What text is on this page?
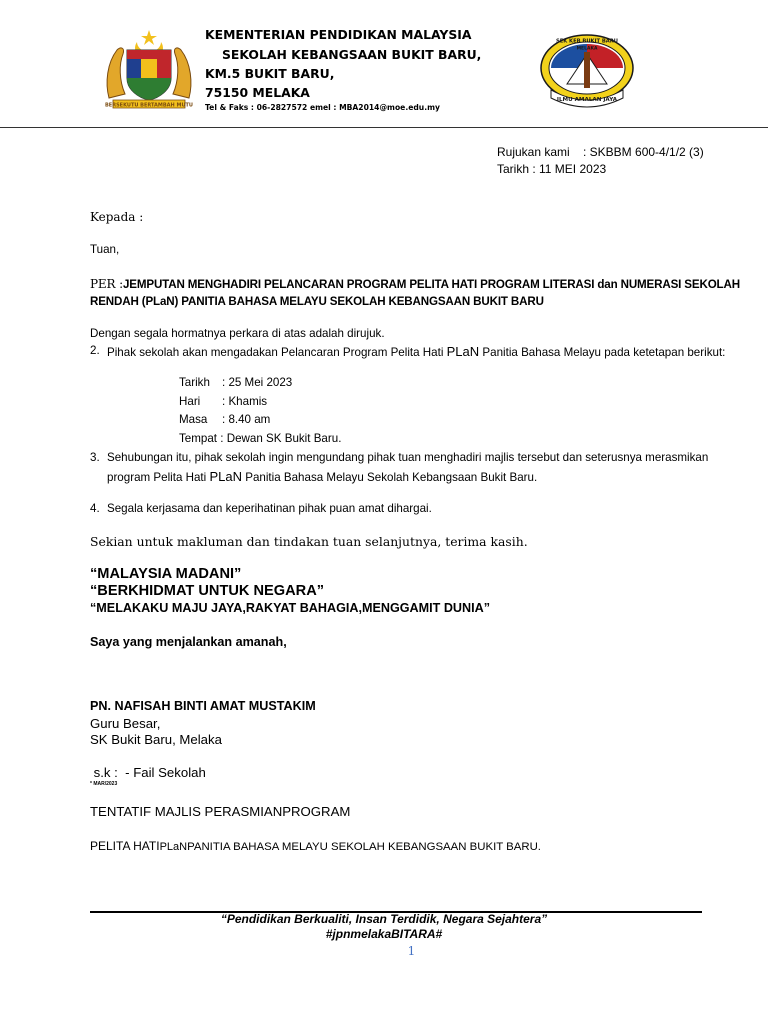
BERSEKUTU BERTAMBAH MUTU
KEMENTERIAN PENDIDIKAN MALAYSIA
SEKOLAH KEBANGSAAN BUKIT BARU,
KM.5 BUKIT BARU,
75150 MELAKA
Tel & Faks : 06-2827572 emel : MBA2014@moe.edu.my
SEK KEB BUKIT BARU
MELAKA
ILMU AMALAN JAYA
Rujukan kami : SKBBM 600-4/1/2 (3)
Tarikh : 11 MEI 2023
Kepada :
Tuan,
PER :JEMPUTAN MENGHADIRI PELANCARAN PROGRAM PELITA HATI PROGRAM LITERASI dan NUMERASI SEKOLAH
RENDAH (PLaN) PANITIA BAHASA MELAYU SEKOLAH KEBANGSAAN BUKIT BARU
Dengan segala hormatnya perkara di atas adalah dirujuk.
2. Pihak sekolah akan mengadakan Pelancaran Program Pelita Hati PLaN Panitia Bahasa Melayu pada ketetapan berikut:
Tarikh : 25 Mei 2023
Hari : Khamis
Masa : 8.40 am
Tempat : Dewan SK Bukit Baru.
3. Sehubungan itu, pihak sekolah ingin mengundang pihak tuan menghadiri majlis tersebut dan seterusnya merasmikan
program Pelita Hati PLaN Panitia Bahasa Melayu Sekolah Kebangsaan Bukit Baru.
4. Segala kerjasama dan keperihatinan pihak puan amat dihargai.
Sekian untuk makluman dan tindakan tuan selanjutnya, terima kasih.
“MALAYSIA MADANI”
“BERKHIDMAT UNTUK NEGARA”
“MELAKAKU MAJU JAYA,RAKYAT BAHAGIA,MENGGAMIT DUNIA”
Saya yang menjalankan amanah,
PN. NAFISAH BINTI AMAT MUSTAKIM
Guru Besar,
SK Bukit Baru, Melaka
s.k :  - Fail Sekolah
* MAR/2023
TENTATIF MAJLIS PERASMIANPROGRAM
PELITA HATIPLaNPANITIA BAHASA MELAYU SEKOLAH KEBANGSAAN BUKIT BARU.
“Pendidikan Berkualiti, Insan Terdidik, Negara Sejahtera”
#jpnmelakaBITARA#
1
